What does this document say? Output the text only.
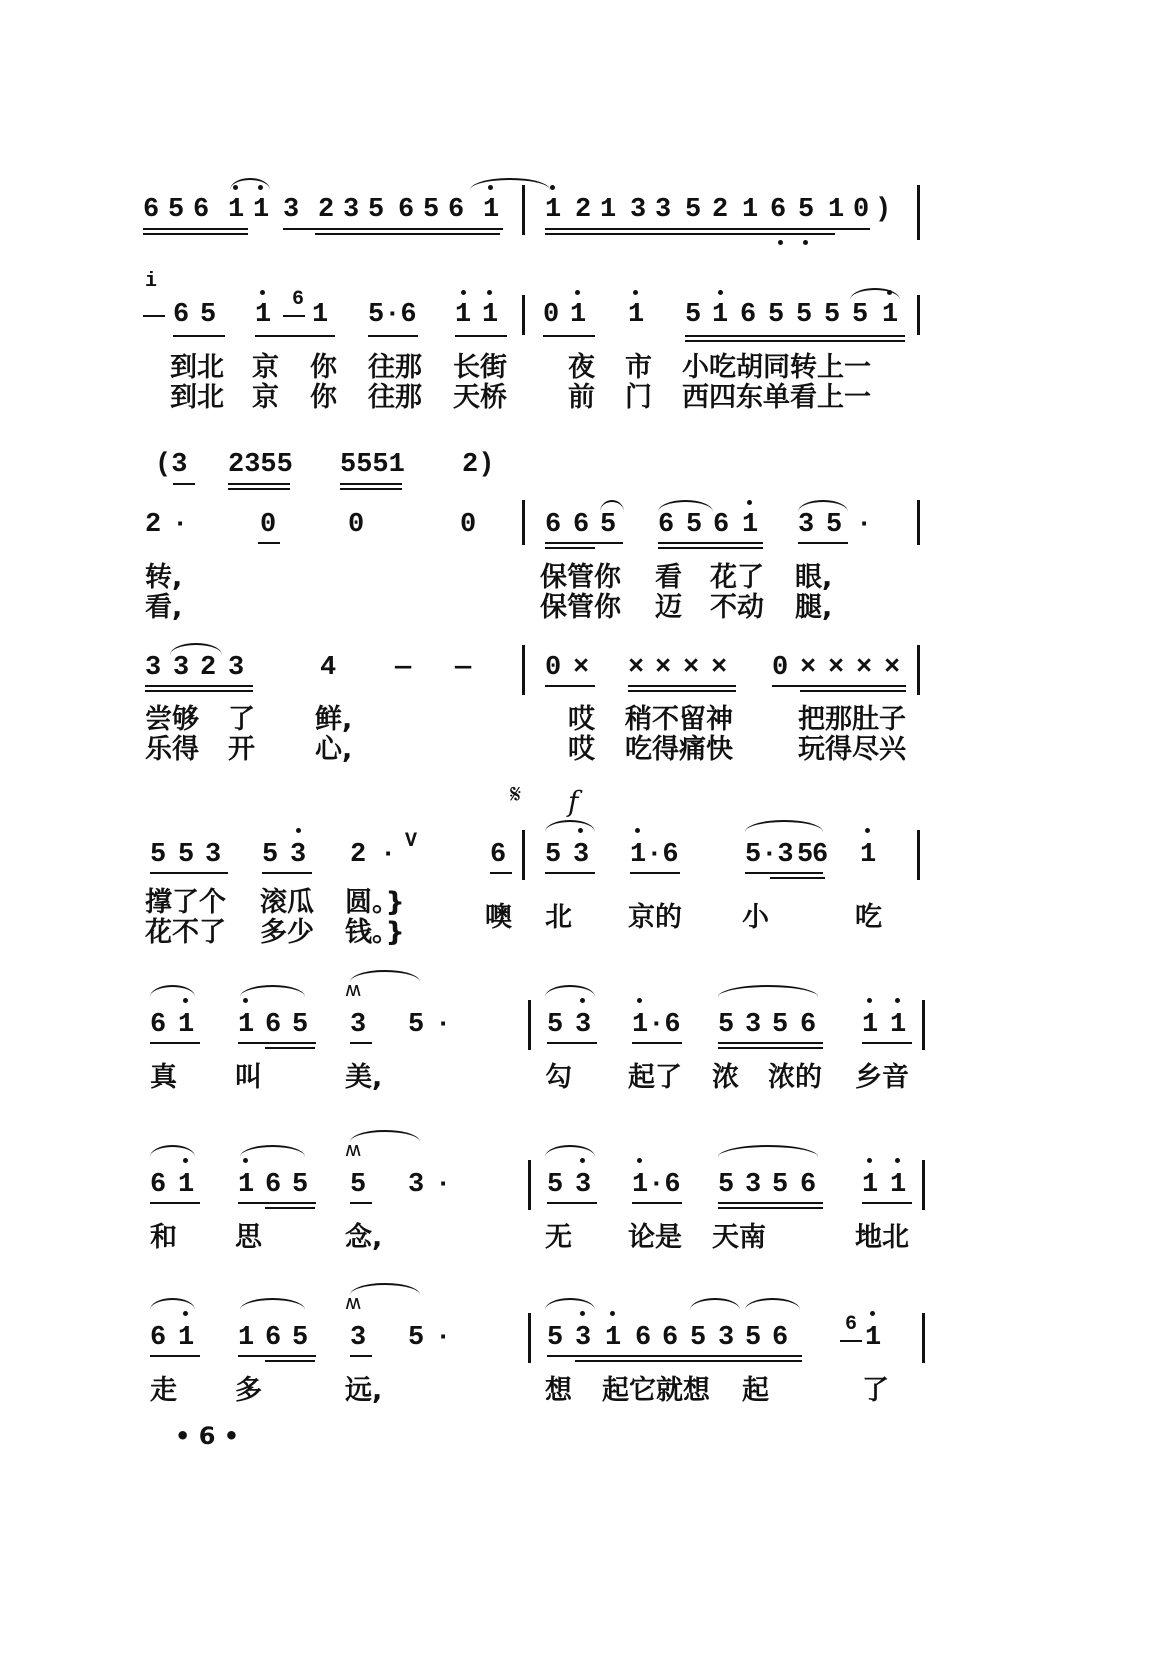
6 5 6 1 1 3 2 3 5 6 5 6 1 1 2 1 3 3 5 2 1 6 5 1 0 )
i
6 5 1
6
1 5·6 1 1 0 1 1 5 1 6 5 5 5 5 1
到北 京 你 往那 长街 夜 市 小吃胡同转上一
到北 京 你 往那 天桥 前 门 西四东单看上一
(3 2355 5551 2)
2 ·	0	0	0	6 6 5 6 5 6 1 3 5 ·
转,	保管你 看 花了 眼,
看,	保管你 迈 不动 腿,
3 3 2 3	4 — —	0 × × × × × 0 × × × ×
尝够 了 鲜,	哎 稍不留神 把那肚子
乐得 开 心,	哎 吃得痛快 玩得尽兴
𝄋 f
5 5 3 5 3 2 · V	6 5 3 1·6 5·3 5
6 1
撑了个 滚瓜 圆。}	噢 北 京的 小	吃
花不了 多少 钱。}
ʍ
6 1 1 6 5 3 5 ·	5 3 1·6 5 3 5 6 1 1
真 叫	美,	勾 起了 浓 浓的 乡音
ʍ
6 1 1 6 5 5 3 ·	5 3 1·6 5 3 5 6 1 1
和 思	念,	无 论是 天南	地北
ʍ
6 1 1 6 5 3 5 ·	5 3 1 6 6 5 3 5 6	6 1
走 多	远,	想 起它就想 起	了
• 6 •
